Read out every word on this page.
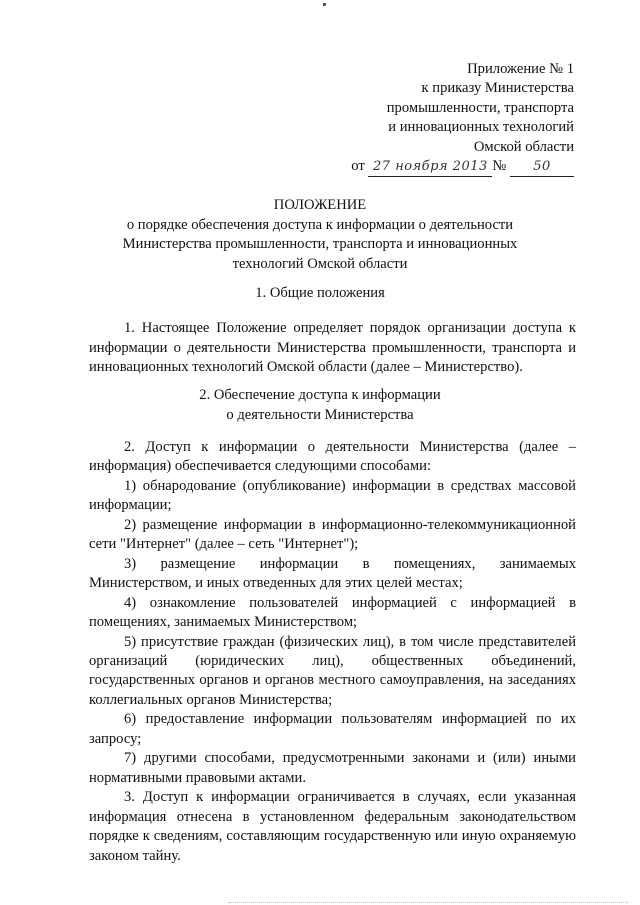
Приложение № 1
к приказу Министерства
промышленности, транспорта
и инновационных технологий
Омской области
от 27 ноября 2013 № 50
ПОЛОЖЕНИЕ
о порядке обеспечения доступа к информации о деятельности
Министерства промышленности, транспорта и инновационных
технологий Омской области
1. Общие положения
1. Настоящее Положение определяет порядок организации доступа к информации о деятельности Министерства промышленности, транспорта и инновационных технологий Омской области (далее – Министерство).
2. Обеспечение доступа к информации
о деятельности Министерства
2. Доступ к информации о деятельности Министерства (далее – информация) обеспечивается следующими способами:
1) обнародование (опубликование) информации в средствах массовой информации;
2) размещение информации в информационно-телекоммуникационной сети "Интернет" (далее – сеть "Интернет");
3) размещение информации в помещениях, занимаемых Министерством, и иных отведенных для этих целей местах;
4) ознакомление пользователей информацией с информацией в помещениях, занимаемых Министерством;
5) присутствие граждан (физических лиц), в том числе представителей организаций (юридических лиц), общественных объединений, государственных органов и органов местного самоуправления, на заседаниях коллегиальных органов Министерства;
6) предоставление информации пользователям информацией по их запросу;
7) другими способами, предусмотренными законами и (или) иными нормативными правовыми актами.
3. Доступ к информации ограничивается в случаях, если указанная информация отнесена в установленном федеральным законодательством порядке к сведениям, составляющим государственную или иную охраняемую законом тайну.
